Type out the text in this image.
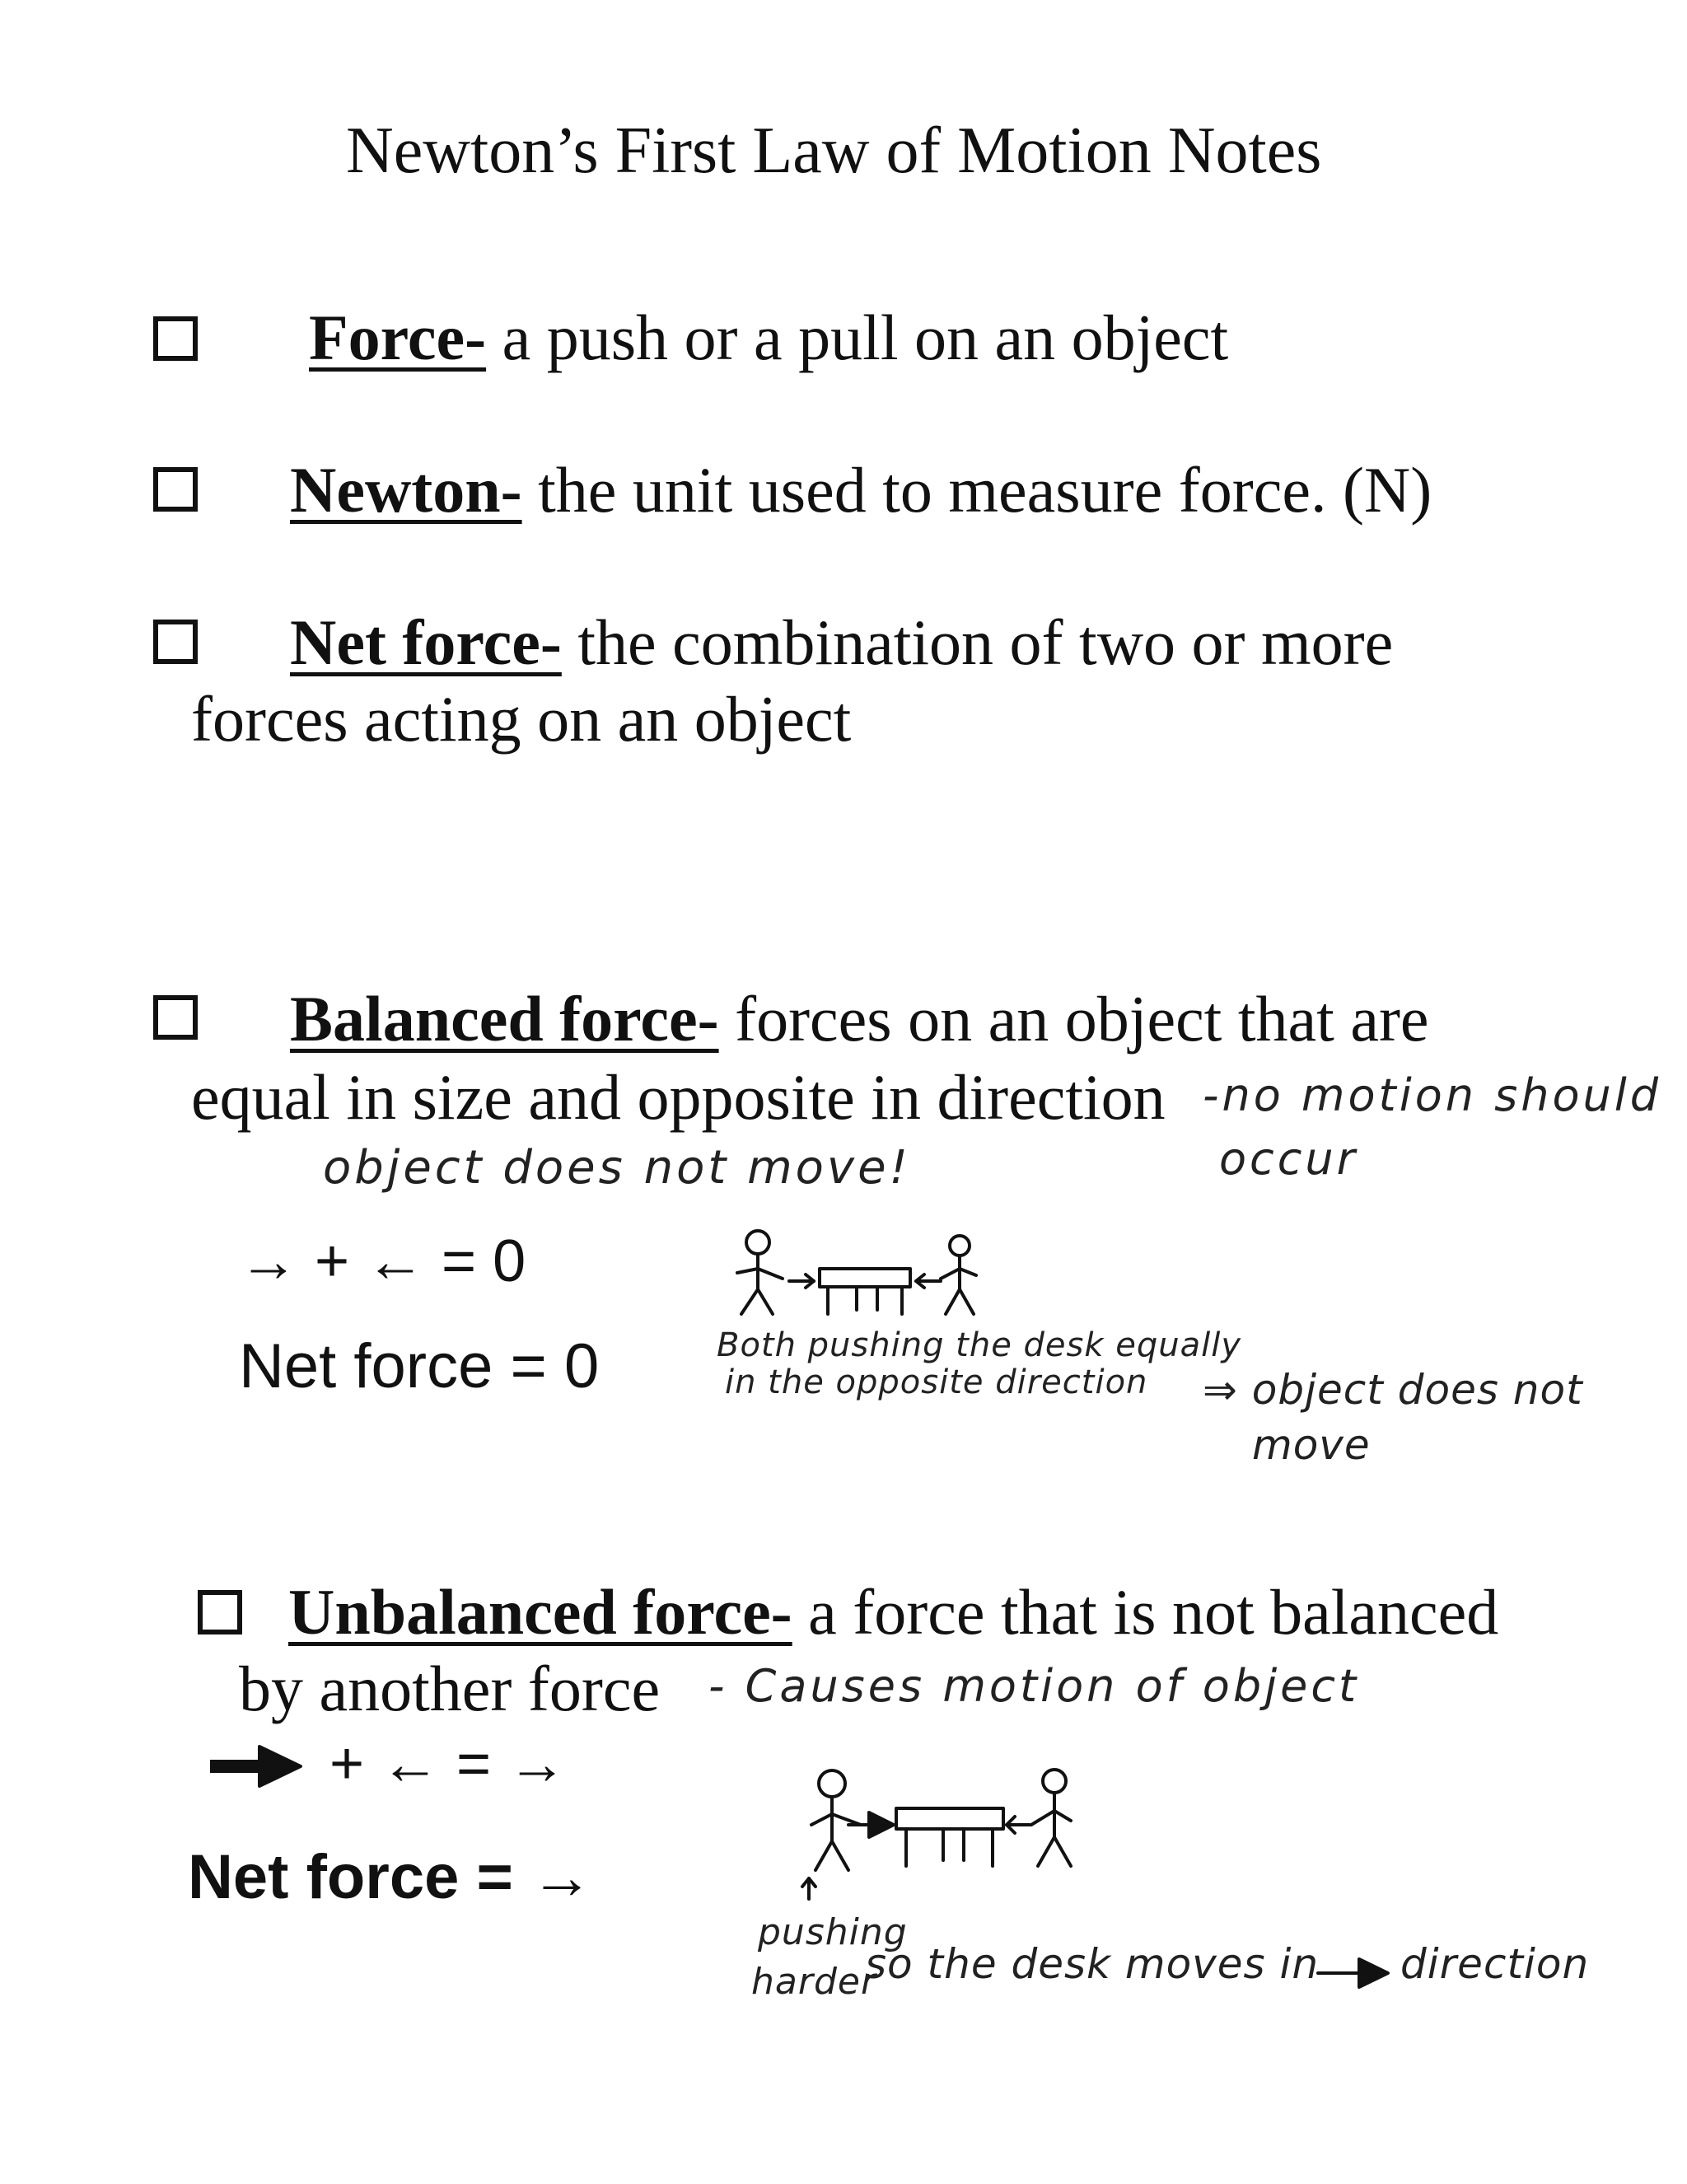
Newton’s First Law of Motion Notes
Force- a push or a pull on an object
Newton- the unit used to measure force. (N)
Net force- the combination of two or more
forces acting on an object
Balanced force- forces on an object that are
equal in size and opposite in direction -no motion should
occur
object does not move!
→ + ← = 0
Net force = 0	Both pushing the desk equally
in the opposite direction ⇒ object does not
move
Unbalanced force- a force that is not balanced
by another force - Causes motion of object
+ ← = →
Net force = →
pushing
harder
so the desk moves in direction
